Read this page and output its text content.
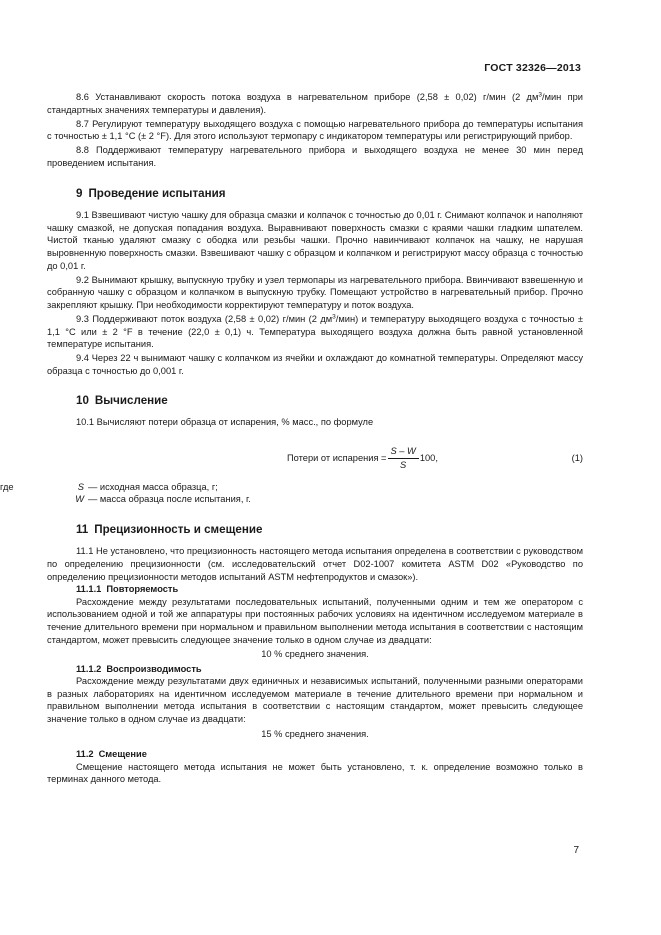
ГОСТ 32326—2013

8.6 Устанавливают скорость потока воздуха в нагревательном приборе (2,58 ± 0,02) г/мин (2 $дм^3$/мин при стандартных значениях температуры и давления).

8.7 Регулируют температуру выходящего воздуха с помощью нагревательного прибора до температуры испытания с точностью ± 1,1 °С (± 2 °F). Для этого используют термопару с индикатором температуры или регистрирующий прибор.

8.8 Поддерживают температуру нагревательного прибора и выходящего воздуха не менее 30 мин перед проведением испытания.

9 Проведение испытания

9.1 Взвешивают чистую чашку для образца смазки и колпачок с точностью до 0,01 г. Снимают колпачок и наполняют чашку смазкой, не допуская попадания воздуха. Выравнивают поверхность смазки с краями чашки гладким шпателем. Чистой тканью удаляют смазку с ободка или резьбы чашки. Прочно навинчивают колпачок на чашку, не нарушая выровненную поверхность смазки. Взвешивают чашку с образцом и колпачком и регистрируют массу образца с точностью до 0,01 г.

9.2 Вынимают крышку, выпускную трубку и узел термопары из нагревательного прибора. Ввинчивают взвешенную и собранную чашку с образцом и колпачком в выпускную трубку. Помещают устройство в нагревательный прибор. Прочно закрепляют крышку. При необходимости корректируют температуру и поток воздуха.

9.3 Поддерживают поток воздуха (2,58 ± 0,02) г/мин (2 $дм^3/мин$) и температуру выходящего воздуха с точностью ± 1,1 °С или ± 2 °F в течение (22,0 ± 0,1) ч. Температура выходящего воздуха должна быть равной установленной температуре испытания.

9.4 Через 22 ч вынимают чашку с колпачком из ячейки и охлаждают до комнатной температуры. Определяют массу образца с точностью до 0,001 г.

10 Вычисление

10.1 Вычисляют потери образца от испарения, % масс., по формуле

Потери от испарения = $\frac{S - W}{S} 100$,	(1)
где	S — исходная масса образца, г;
W — масса образца после испытания, г.
11 Прецизионность и смещение

11.1 Не установлено, что прецизионность настоящего метода испытания определена в соответствии с руководством по определению прецизионности (см. исследовательский отчет D02-1007 комитета ASTM D02 «Руководство по определению прецизионности методов испытаний ASTM нефтепродуктов и смазок»).

11.1.1 Повторяемость

Расхождение между результатами последовательных испытаний, полученными одним и тем же оператором с использованием одной и той же аппаратуры при постоянных рабочих условиях на идентичном исследуемом материале в течение длительного времени при нормальном и правильном выполнении метода испытания в соответствии с настоящим стандартом, может превысить следующее значение только в одном случае из двадцати:

10 % среднего значения.

11.1.2 Воспроизводимость

Расхождение между результатами двух единичных и независимых испытаний, полученными разными операторами в разных лабораториях на идентичном исследуемом материале в течение длительного времени при нормальном и правильном выполнении метода испытания в соответствии с настоящим стандартом, может превысить следующее значение только в одном случае из двадцати:

15 % среднего значения.

11.2 Смещение

Смещение настоящего метода испытания не может быть установлено, т. к. определение возможно только в терминах данного метода.

7
